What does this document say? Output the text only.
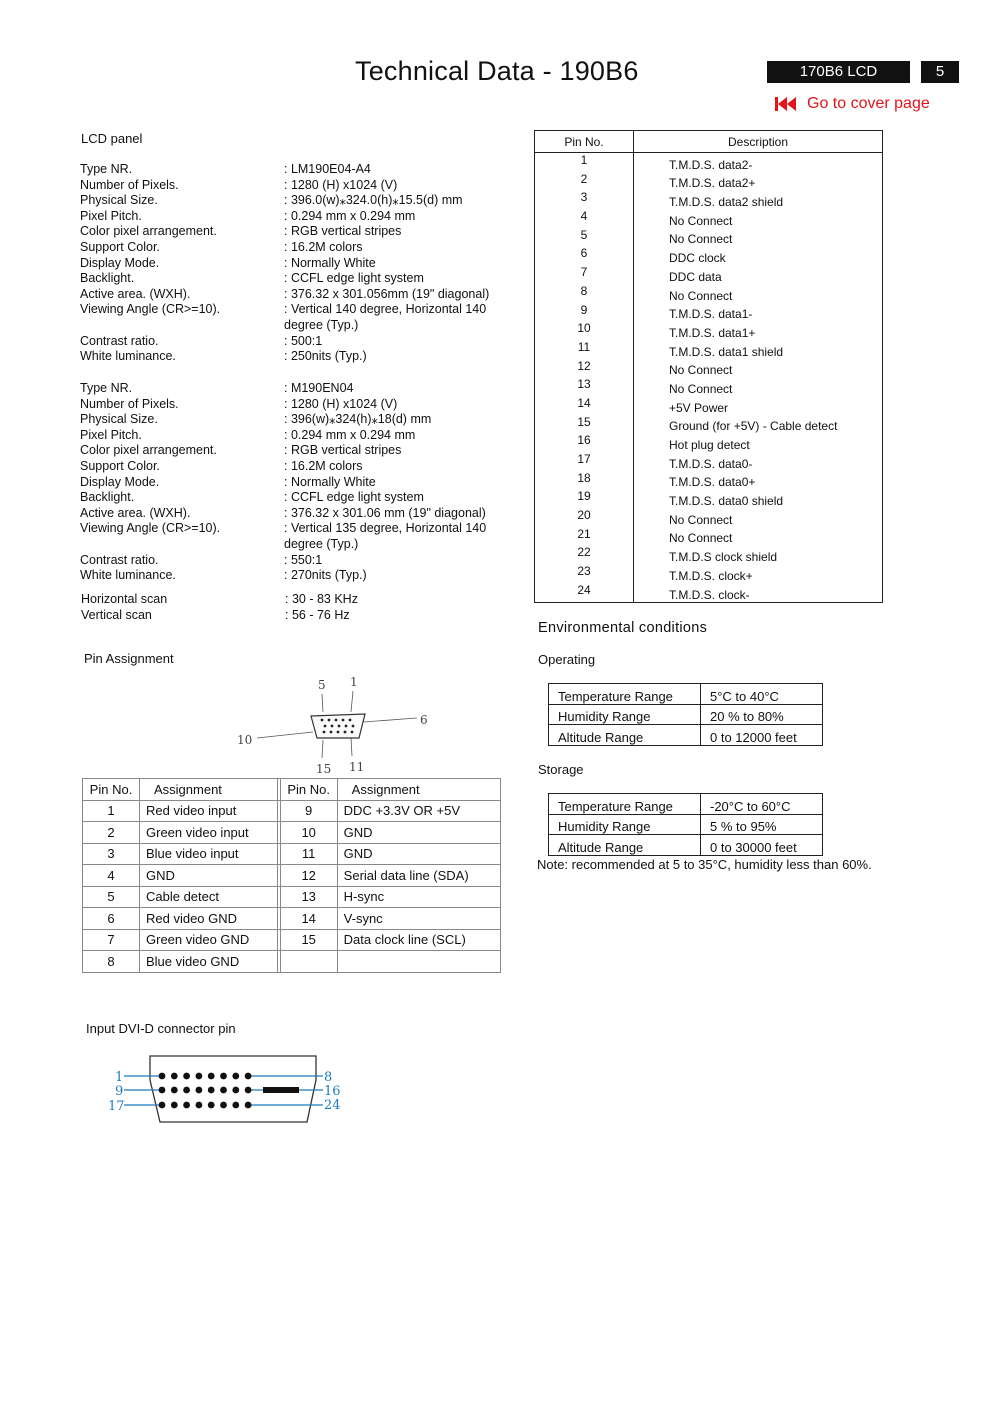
Technical Data - 190B6	170B6 LCD	5
Go to cover page
LCD panel
Type NR.	: LM190E04-A4
Number of Pixels.	: 1280 (H) x1024 (V)
Physical Size.	: 396.0(w)⁎324.0(h)⁎15.5(d) mm
Pixel Pitch.	: 0.294 mm x 0.294 mm
Color pixel arrangement.	: RGB vertical stripes
Support Color.	: 16.2M colors
Display Mode.	: Normally White
Backlight.	: CCFL edge light system
Active area. (WXH).	: 376.32 x 301.056mm (19" diagonal)
Viewing Angle (CR>=10).	: Vertical 140 degree, Horizontal 140
degree (Typ.)
Contrast ratio.	: 500:1
White luminance.	: 250nits (Typ.)
Type NR.	: M190EN04
Number of Pixels.	: 1280 (H) x1024 (V)
Physical Size.	: 396(w)⁎324(h)⁎18(d) mm
Pixel Pitch.	: 0.294 mm x 0.294 mm
Color pixel arrangement.	: RGB vertical stripes
Support Color.	: 16.2M colors
Display Mode.	: Normally White
Backlight.	: CCFL edge light system
Active area. (WXH).	: 376.32 x 301.06 mm (19" diagonal)
Viewing Angle (CR>=10).	: Vertical 135 degree, Horizontal 140
degree (Typ.)
Contrast ratio.	: 550:1
White luminance.	: 270nits (Typ.)
Horizontal scan	: 30 - 83 KHz
Vertical scan	: 56 - 76 Hz
Pin Assignment
5 1
6
10
15 11
Pin No.	Assignment		Pin No.	Assignment
1	Red video input		9	DDC +3.3V OR +5V
2	Green video input		10	GND
3	Blue video input		11	GND
4	GND		12	Serial data line (SDA)
5	Cable detect		13	H-sync
6	Red video GND		14	V-sync
7	Green video GND		15	Data clock line (SCL)
8	Blue video GND			
Input DVI-D connector pin
1
9
17
8
16
24
Pin No.	Description
1	T.M.D.S. data2-
2	T.M.D.S. data2+
3	T.M.D.S. data2 shield
4	No Connect
5	No Connect
6	DDC clock
7	DDC data
8	No Connect
9	T.M.D.S. data1-
10	T.M.D.S. data1+
11	T.M.D.S. data1 shield
12	No Connect
13	No Connect
14	+5V Power
15	Ground (for +5V) - Cable detect
16	Hot plug detect
17	T.M.D.S. data0-
18	T.M.D.S. data0+
19	T.M.D.S. data0 shield
20	No Connect
21	No Connect
22	T.M.D.S clock shield
23	T.M.D.S. clock+
24	T.M.D.S. clock-
Environmental conditions
Operating
Temperature Range	5°C to 40°C
Humidity Range	20 % to 80%
Altitude Range	0 to 12000 feet
Storage
Temperature Range	-20°C to 60°C
Humidity Range	5 % to 95%
Altitude Range	0 to 30000 feet
Note: recommended at 5 to 35°C, humidity less than 60%.
